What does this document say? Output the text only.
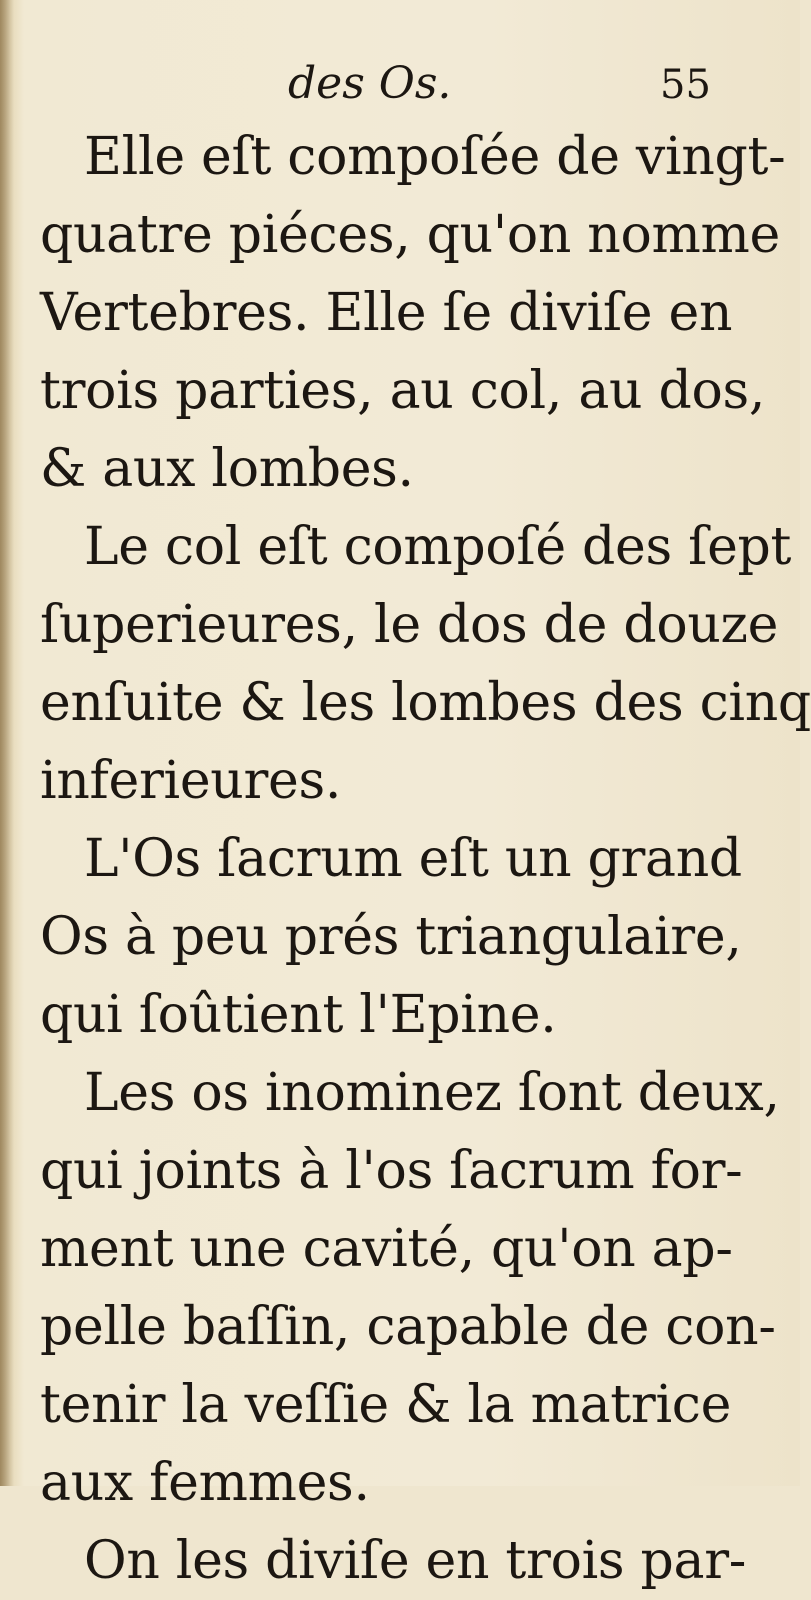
des Os.	55
Elle eſt compoſée de vingt-
quatre piéces, qu'on nomme
Vertebres. Elle ſe diviſe en
trois parties, au col, au dos,
& aux lombes.
Le col eſt compoſé des ſept
ſuperieures, le dos de douze
enſuite & les lombes des cinq
inferieures.
L'Os ſacrum eſt un grand
Os à peu prés triangulaire,
qui ſoûtient l'Epine.
Les os inominez ſont deux,
qui joints à l'os ſacrum for-
ment une cavité, qu'on ap-
pelle baſſin, capable de con-
tenir la veſſie & la matrice
aux femmes.
On les diviſe en trois par-
